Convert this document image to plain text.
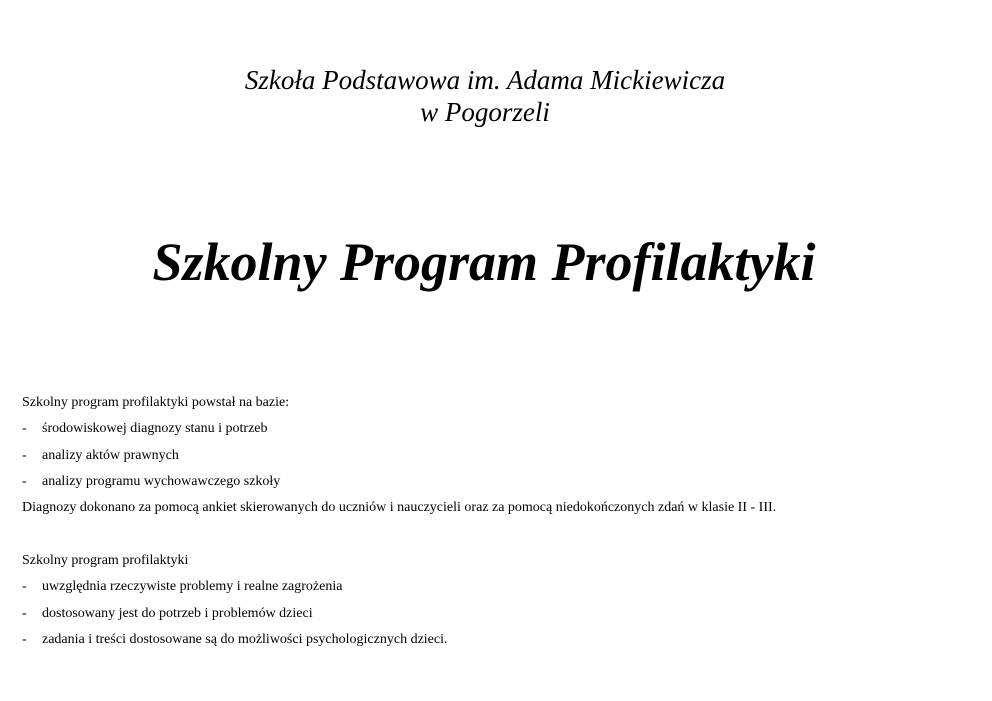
Szkoła Podstawowa im. Adama Mickiewicza
w Pogorzeli
Szkolny Program Profilaktyki

Szkolny program profilaktyki powstał na bazie:

-	środowiskowej diagnozy stanu i potrzeb

-	analizy aktów prawnych

-	analizy programu wychowawczego szkoły

Diagnozy dokonano za pomocą ankiet skierowanych do uczniów i nauczycieli oraz za pomocą niedokończonych zdań w klasie II - III.

Szkolny program profilaktyki

-	uwzględnia rzeczywiste problemy i realne zagrożenia

-	dostosowany jest do potrzeb i problemów dzieci

-	zadania i treści dostosowane są do możliwości psychologicznych dzieci.
